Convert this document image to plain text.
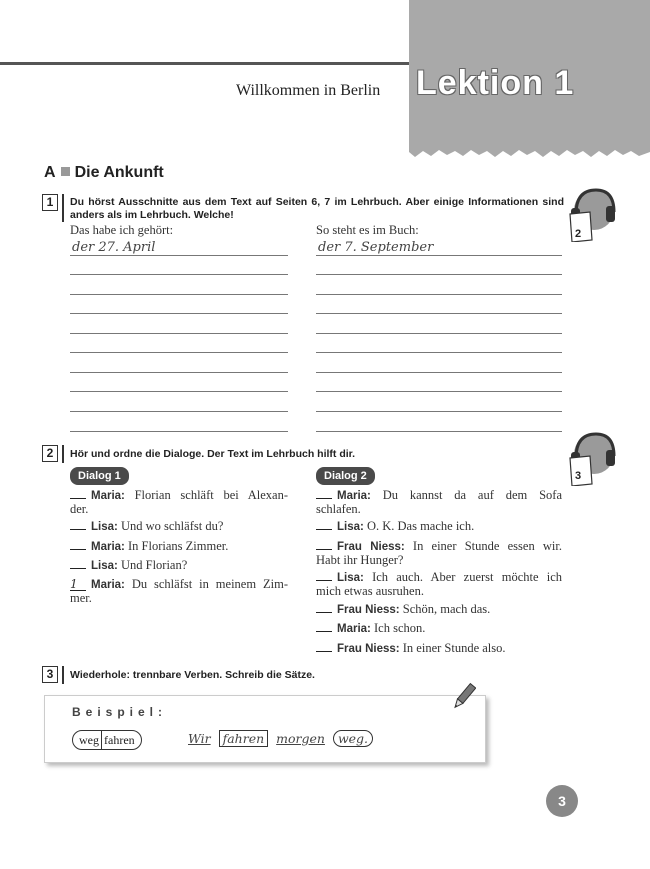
Lektion 1
Willkommen in Berlin
A Die Ankunft
1	Du hörst Ausschnitte aus dem Text auf Seiten 6, 7 im Lehrbuch. Aber einige Informationen sind
anders als im Lehrbuch. Welche!
2
Das habe ich gehört:	So steht es im Buch:
der 27. April	der 7. September
2	Hör und ordne die Dialoge. Der Text im Lehrbuch hilft dir.
3
Dialog 1	Dialog 2
Maria: Florian schläft bei Alexan-
der.
Lisa: Und wo schläfst du?
Maria: In Florians Zimmer.
Lisa: Und Florian?
1 Maria: Du schläfst in meinem Zim-
mer.
Maria: Du kannst da auf dem Sofa
schlafen.
Lisa: O. K. Das mache ich.
Frau Niess: In einer Stunde essen wir.
Habt ihr Hunger?
Lisa: Ich auch. Aber zuerst möchte ich
mich etwas ausruhen.
Frau Niess: Schön, mach das.
Maria: Ich schon.
Frau Niess: In einer Stunde also.
3	Wiederhole: trennbare Verben. Schreib die Sätze.
Beispiel:
weg fahren	Wir fahren morgen weg.
3
